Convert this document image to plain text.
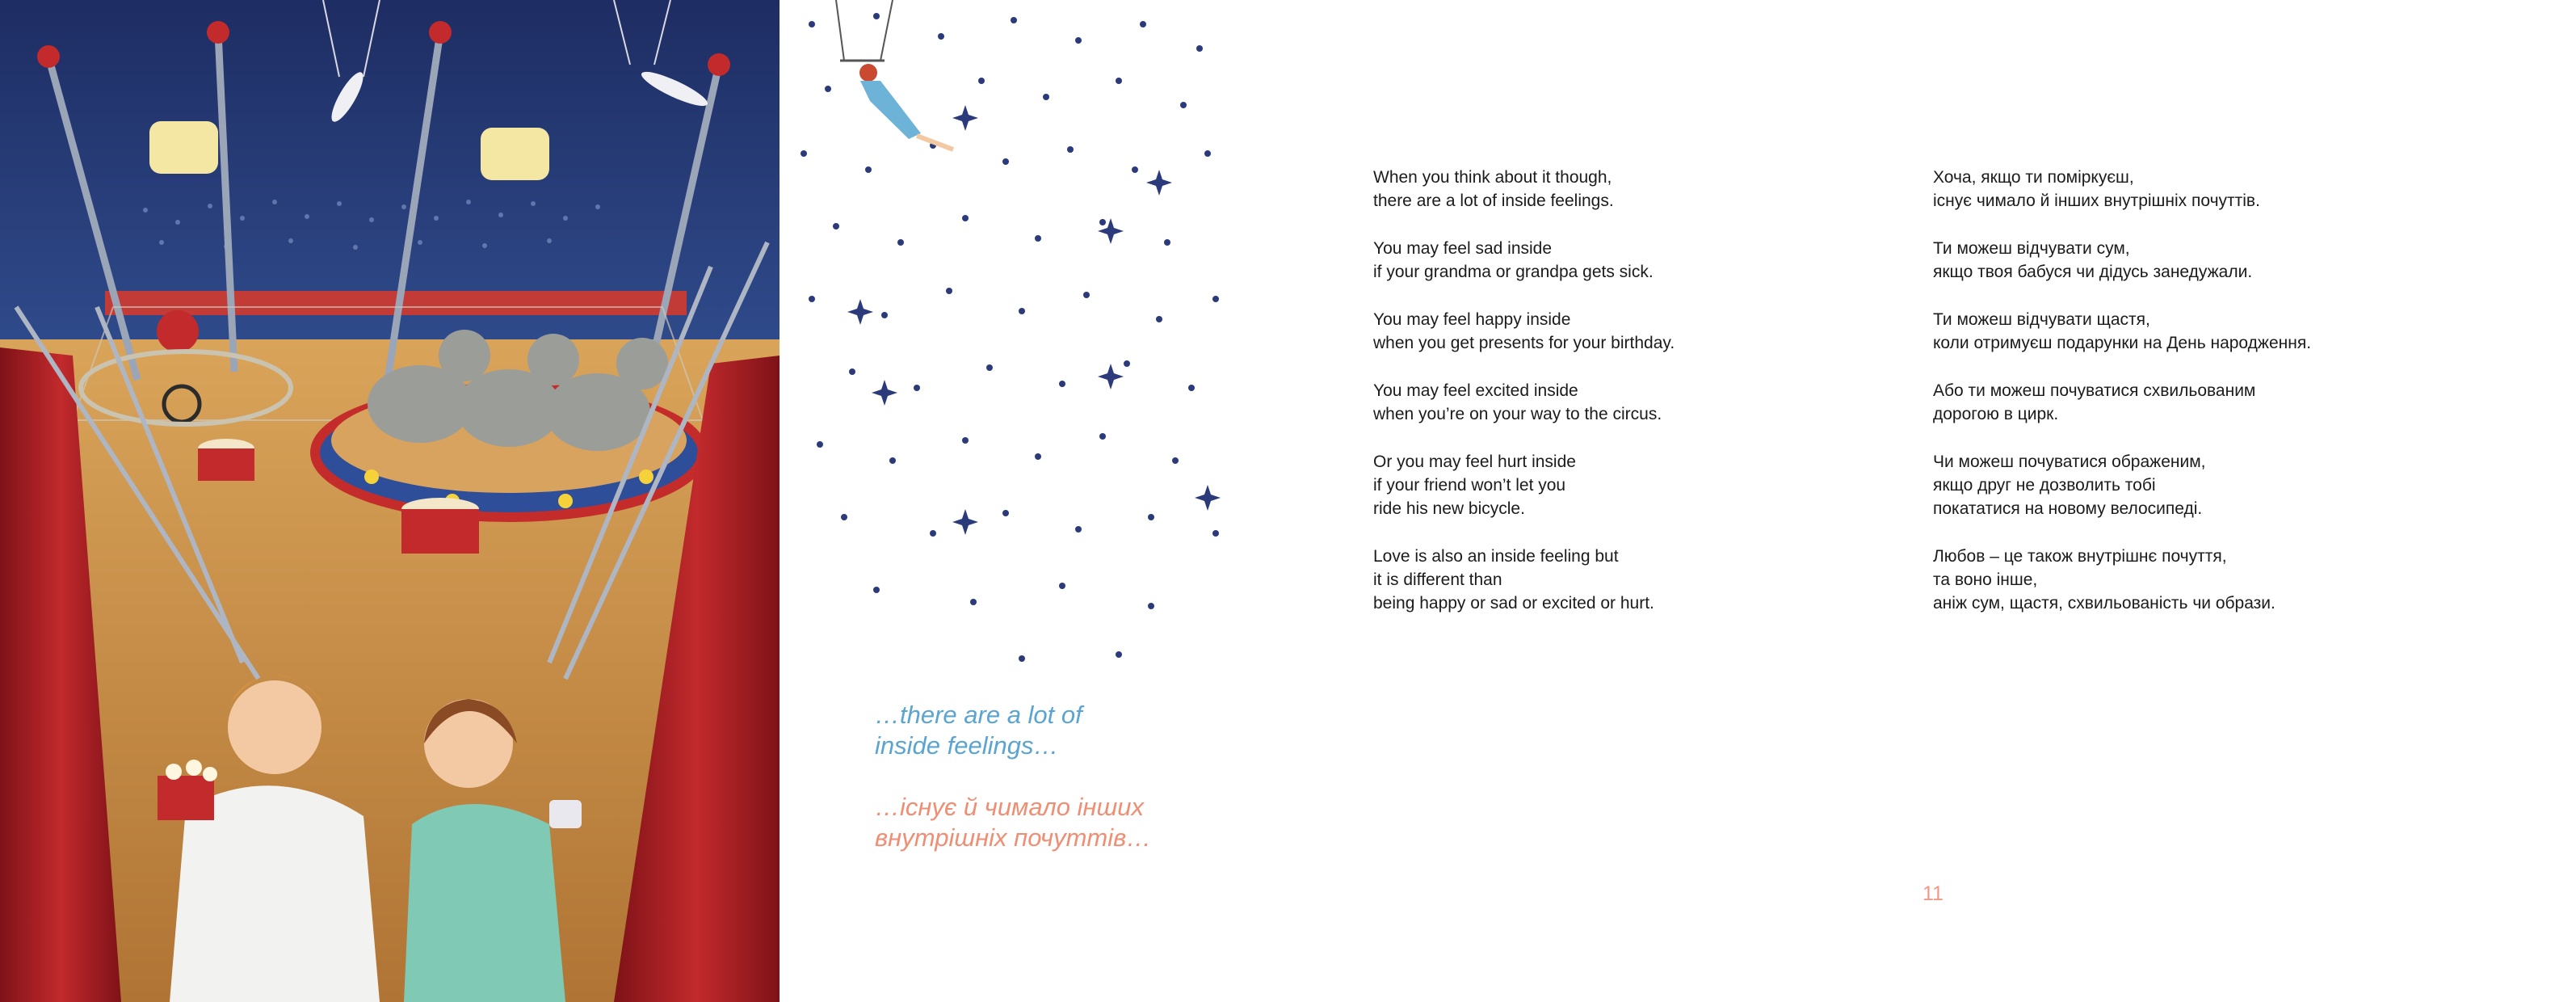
…there are a lot of
inside feelings…

…існує й чимало інших
внутрішніх почуттів…

When you think about it though,
there are a lot of inside feelings.

You may feel sad inside
if your grandma or grandpa gets sick.

You may feel happy inside
when you get presents for your birthday.

You may feel excited inside
when you’re on your way to the circus.

Or you may feel hurt inside
if your friend won’t let you
ride his new bicycle.

Love is also an inside feeling but
it is different than
being happy or sad or excited or hurt.

Хоча, якщо ти поміркуєш,
існує чимало й інших внутрішніх почуттів.

Ти можеш відчувати сум,
якщо твоя бабуся чи дідусь занедужали.

Ти можеш відчувати щастя,
коли отримуєш подарунки на День народження.

Або ти можеш почуватися схвильованим
дорогою в цирк.

Чи можеш почуватися ображеним,
якщо друг не дозволить тобі
покататися на новому велосипеді.

Любов – це також внутрішнє почуття,
та воно інше,
аніж сум, щастя, схвильованість чи образи.

11
